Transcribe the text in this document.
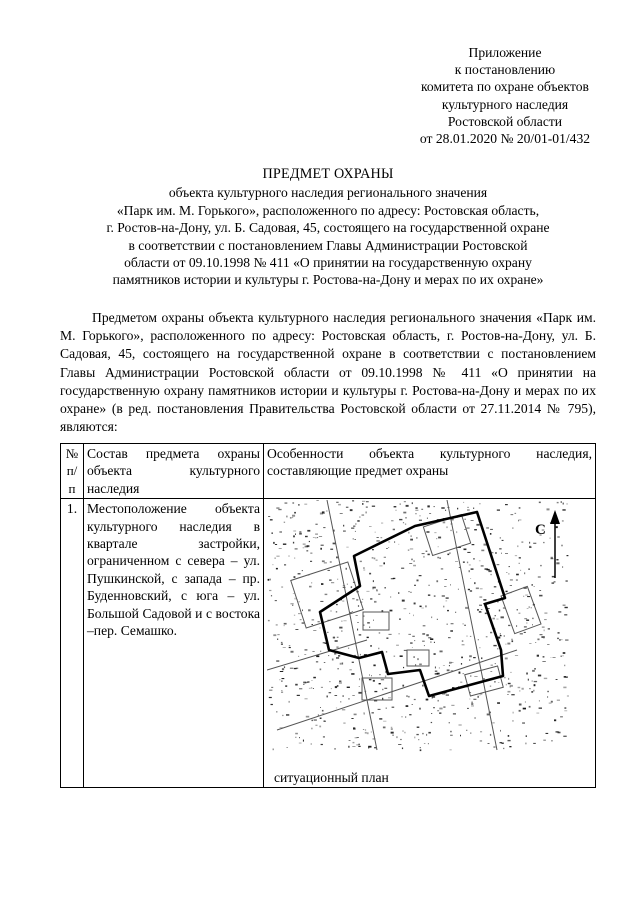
Приложение
к постановлению
комитета по охране объектов
культурного наследия
Ростовской области
от 28.01.2020 № 20/01-01/432
ПРЕДМЕТ ОХРАНЫ
объекта культурного наследия регионального значения
«Парк им. М. Горького», расположенного по адресу: Ростовская область,
г. Ростов-на-Дону, ул. Б. Садовая, 45, состоящего на государственной охране
в соответствии с постановлением Главы Администрации Ростовской
области от 09.10.1998 № 411 «О принятии на государственную охрану
памятников истории и культуры г. Ростова-на-Дону и мерах по их охране»

Предметом охраны объекта культурного наследия регионального значения «Парк им. М. Горького», расположенного по адресу: Ростовская область, г. Ростов-на-Дону, ул. Б. Садовая, 45, состоящего на государственной охране в соответствии с постановлением Главы Администрации Ростовской области от 09.10.1998 № 411 «О принятии на государственную охрану памятников истории и культуры г. Ростова-на-Дону и мерах по их охране» (в ред. постановления Правительства Ростовской области от 27.11.2014 № 795), являются:

№ п/п	Состав предмета охраны объекта культурного наследия	Особенности объекта культурного наследия, составляющие предмет охраны
1.	Местоположение объекта культурного наследия в квартале застройки, ограниченном с севера – ул. Пушкинской, с запада – пр. Буденновский, с юга – ул. Большой Садовой и с востока –пер. Семашко.	С
ситуационный план
